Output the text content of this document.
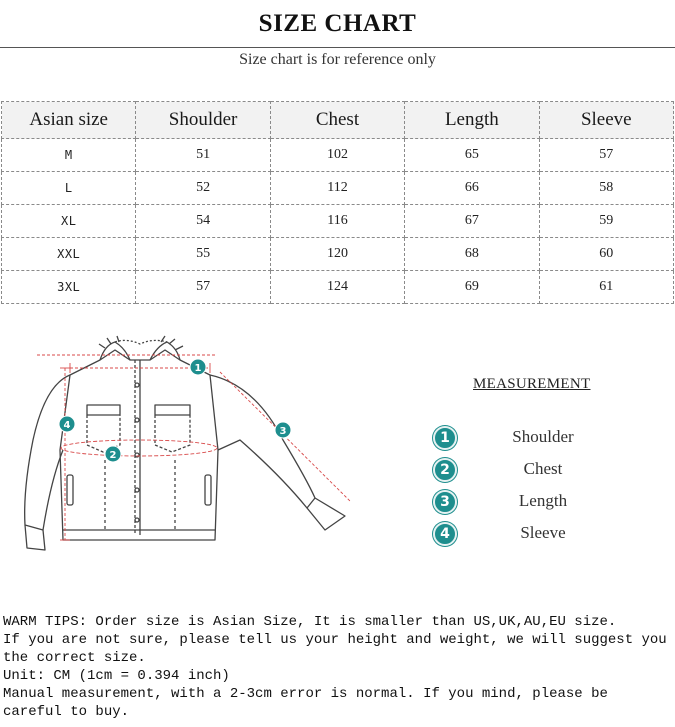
SIZE CHART
Size chart is for reference only
Asian size	Shoulder	Chest	Length	Sleeve
M	51	102	65	57
L	52	112	66	58
XL	54	116	67	59
XXL	55	120	68	60
3XL	57	124	69	61
1
2
3
4
MEASUREMENT
1	Shoulder
2	Chest
3	Length
4	Sleeve

WARM TIPS: Order size is Asian Size, It is smaller than US,UK,AU,EU size.

If you are not sure, please tell us your height and weight, we will suggest you the correct size.

Unit: CM (1cm = 0.394 inch)

Manual measurement, with a 2-3cm error is normal. If you mind, please be careful to buy.
